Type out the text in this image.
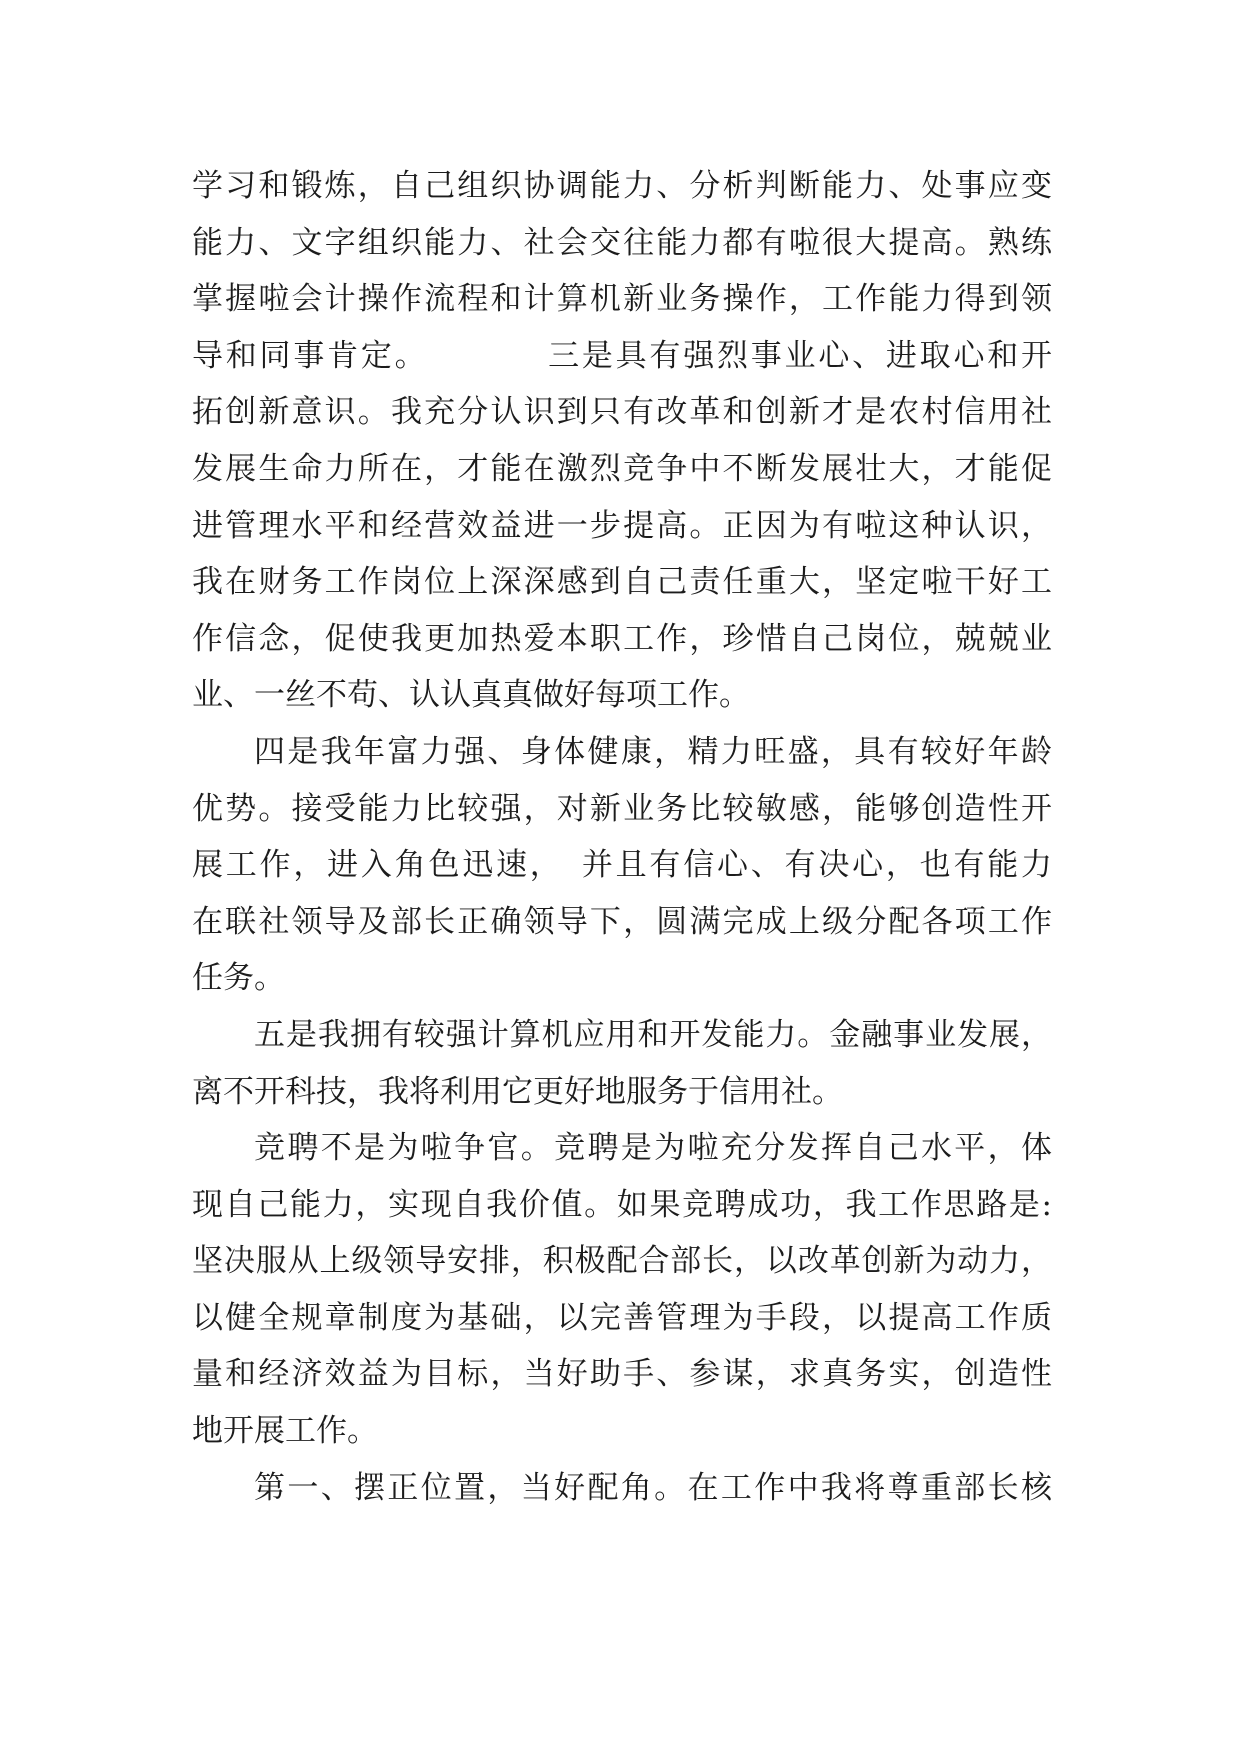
学习和锻炼，自己组织协调能力、分析判断能力、处事应变
能力、文字组织能力、社会交往能力都有啦很大提高。熟练
掌握啦会计操作流程和计算机新业务操作，工作能力得到领
导和同事肯定。　　　　三是具有强烈事业心、进取心和开
拓创新意识。我充分认识到只有改革和创新才是农村信用社
发展生命力所在，才能在激烈竞争中不断发展壮大，才能促
进管理水平和经营效益进一步提高。正因为有啦这种认识，
我在财务工作岗位上深深感到自己责任重大，坚定啦干好工
作信念，促使我更加热爱本职工作，珍惜自己岗位，兢兢业
业、一丝不苟、认认真真做好每项工作。
四是我年富力强、身体健康，精力旺盛，具有较好年龄
优势。接受能力比较强，对新业务比较敏感，能够创造性开
展工作，进入角色迅速，　并且有信心、有决心，也有能力
在联社领导及部长正确领导下，圆满完成上级分配各项工作
任务。
五是我拥有较强计算机应用和开发能力。金融事业发展，
离不开科技，我将利用它更好地服务于信用社。
竞聘不是为啦争官。竞聘是为啦充分发挥自己水平，体
现自己能力，实现自我价值。如果竞聘成功，我工作思路是:
坚决服从上级领导安排，积极配合部长，以改革创新为动力，
以健全规章制度为基础，以完善管理为手段，以提高工作质
量和经济效益为目标，当好助手、参谋，求真务实，创造性
地开展工作。
第一、摆正位置，当好配角。在工作中我将尊重部长核
